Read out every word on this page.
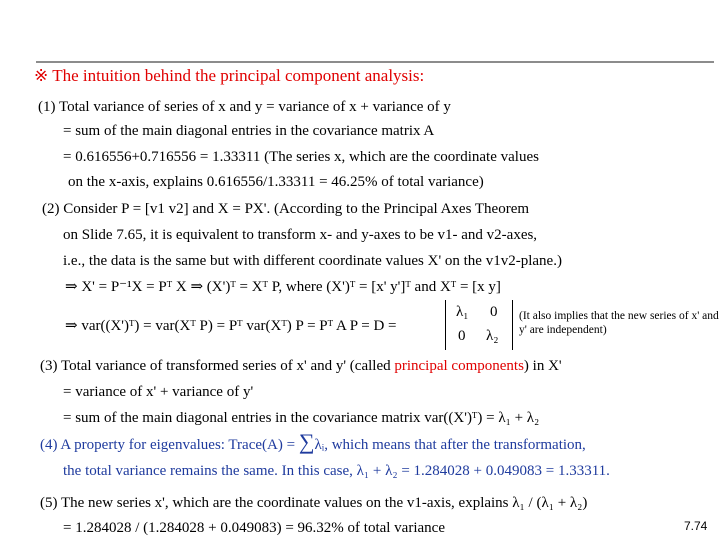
※ The intuition behind the principal component analysis:
(1) Total variance of series of x and y = variance of x + variance of y
= sum of the main diagonal entries in the covariance matrix A
= 0.616556+0.716556 = 1.33311 (The series x, which are the coordinate values
on the x-axis, explains 0.616556/1.33311 = 46.25% of total variance)
(2) Consider P = [v1 v2] and X = PX'. (According to the Principal Axes Theorem
on Slide 7.65, it is equivalent to transform x- and y-axes to be v1- and v2-axes,
i.e., the data is the same but with different coordinate values X' on the v1v2-plane.)
⇒ X' = P⁻¹X = Pᵀ X ⇒ (X')ᵀ = Xᵀ P, where (X')ᵀ = [x' y']ᵀ and Xᵀ = [x y]
⇒ var((X')ᵀ) = var(Xᵀ P) = Pᵀ var(Xᵀ) P = Pᵀ A P = D =
λ₁ 0
0 λ₂
(It also implies that the new series of x' and y' are independent)
(3) Total variance of transformed series of x' and y' (called principal components) in X'
= variance of x' + variance of y'
= sum of the main diagonal entries in the covariance matrix var((X')ᵀ) = λ₁ + λ₂
(4) A property for eigenvalues: Trace(A) = ∑λᵢ, which means that after the transformation,
the total variance remains the same. In this case, λ₁ + λ₂ = 1.284028 + 0.049083 = 1.33311.
(5) The new series x', which are the coordinate values on the v1-axis, explains λ₁ / (λ₁ + λ₂)
= 1.284028 / (1.284028 + 0.049083) = 96.32% of total variance	7.74
